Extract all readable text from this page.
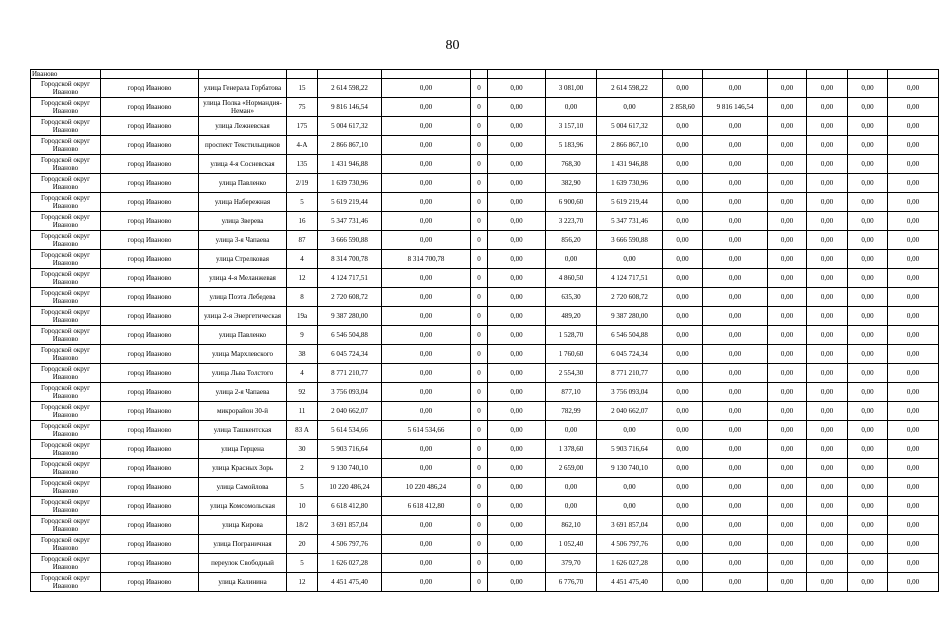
80
Иваново															
Городской округ Иваново	город Иваново	улица Генерала Горбатова	15	2 614 598,22	0,00	0	0,00	3 081,00	2 614 598,22	0,00	0,00	0,00	0,00	0,00	0,00
Городской округ Иваново	город Иваново	улица Полка «Нормандия-Неман»	75	9 816 146,54	0,00	0	0,00	0,00	0,00	2 858,60	9 816 146,54	0,00	0,00	0,00	0,00
Городской округ Иваново	город Иваново	улица Лежневская	175	5 004 617,32	0,00	0	0,00	3 157,10	5 004 617,32	0,00	0,00	0,00	0,00	0,00	0,00
Городской округ Иваново	город Иваново	проспект Текстильщиков	4-А	2 866 867,10	0,00	0	0,00	5 183,96	2 866 867,10	0,00	0,00	0,00	0,00	0,00	0,00
Городской округ Иваново	город Иваново	улица 4-я Сосневская	135	1 431 946,88	0,00	0	0,00	768,30	1 431 946,88	0,00	0,00	0,00	0,00	0,00	0,00
Городской округ Иваново	город Иваново	улица Павленко	2/19	1 639 730,96	0,00	0	0,00	382,90	1 639 730,96	0,00	0,00	0,00	0,00	0,00	0,00
Городской округ Иваново	город Иваново	улица Набережная	5	5 619 219,44	0,00	0	0,00	6 900,60	5 619 219,44	0,00	0,00	0,00	0,00	0,00	0,00
Городской округ Иваново	город Иваново	улица Зверева	16	5 347 731,46	0,00	0	0,00	3 223,70	5 347 731,46	0,00	0,00	0,00	0,00	0,00	0,00
Городской округ Иваново	город Иваново	улица 3-я Чапаева	87	3 666 590,88	0,00	0	0,00	856,20	3 666 590,88	0,00	0,00	0,00	0,00	0,00	0,00
Городской округ Иваново	город Иваново	улица Стрелковая	4	8 314 700,78	8 314 700,78	0	0,00	0,00	0,00	0,00	0,00	0,00	0,00	0,00	0,00
Городской округ Иваново	город Иваново	улица 4-я Меланжевая	12	4 124 717,51	0,00	0	0,00	4 860,50	4 124 717,51	0,00	0,00	0,00	0,00	0,00	0,00
Городской округ Иваново	город Иваново	улица Поэта Лебедева	8	2 720 608,72	0,00	0	0,00	635,30	2 720 608,72	0,00	0,00	0,00	0,00	0,00	0,00
Городской округ Иваново	город Иваново	улица 2-я Энергетическая	19а	9 387 280,00	0,00	0	0,00	489,20	9 387 280,00	0,00	0,00	0,00	0,00	0,00	0,00
Городской округ Иваново	город Иваново	улица Павленко	9	6 546 504,88	0,00	0	0,00	1 528,70	6 546 504,88	0,00	0,00	0,00	0,00	0,00	0,00
Городской округ Иваново	город Иваново	улица Мархлевского	38	6 045 724,34	0,00	0	0,00	1 760,60	6 045 724,34	0,00	0,00	0,00	0,00	0,00	0,00
Городской округ Иваново	город Иваново	улица Льва Толстого	4	8 771 210,77	0,00	0	0,00	2 554,30	8 771 210,77	0,00	0,00	0,00	0,00	0,00	0,00
Городской округ Иваново	город Иваново	улица 2-я Чапаева	92	3 756 093,04	0,00	0	0,00	877,10	3 756 093,04	0,00	0,00	0,00	0,00	0,00	0,00
Городской округ Иваново	город Иваново	микрорайон 30-й	11	2 040 662,07	0,00	0	0,00	782,99	2 040 662,07	0,00	0,00	0,00	0,00	0,00	0,00
Городской округ Иваново	город Иваново	улица Ташкентская	83 А	5 614 534,66	5 614 534,66	0	0,00	0,00	0,00	0,00	0,00	0,00	0,00	0,00	0,00
Городской округ Иваново	город Иваново	улица Герцена	30	5 903 716,64	0,00	0	0,00	1 378,60	5 903 716,64	0,00	0,00	0,00	0,00	0,00	0,00
Городской округ Иваново	город Иваново	улица Красных Зорь	2	9 130 740,10	0,00	0	0,00	2 659,00	9 130 740,10	0,00	0,00	0,00	0,00	0,00	0,00
Городской округ Иваново	город Иваново	улица Самойлова	5	10 220 486,24	10 220 486,24	0	0,00	0,00	0,00	0,00	0,00	0,00	0,00	0,00	0,00
Городской округ Иваново	город Иваново	улица Комсомольская	10	6 618 412,80	6 618 412,80	0	0,00	0,00	0,00	0,00	0,00	0,00	0,00	0,00	0,00
Городской округ Иваново	город Иваново	улица Кирова	18/2	3 691 857,04	0,00	0	0,00	862,10	3 691 857,04	0,00	0,00	0,00	0,00	0,00	0,00
Городской округ Иваново	город Иваново	улица Пограничная	20	4 506 797,76	0,00	0	0,00	1 052,40	4 506 797,76	0,00	0,00	0,00	0,00	0,00	0,00
Городской округ Иваново	город Иваново	переулок Свободный	5	1 626 027,28	0,00	0	0,00	379,70	1 626 027,28	0,00	0,00	0,00	0,00	0,00	0,00
Городской округ Иваново	город Иваново	улица Калинина	12	4 451 475,40	0,00	0	0,00	6 776,70	4 451 475,40	0,00	0,00	0,00	0,00	0,00	0,00
